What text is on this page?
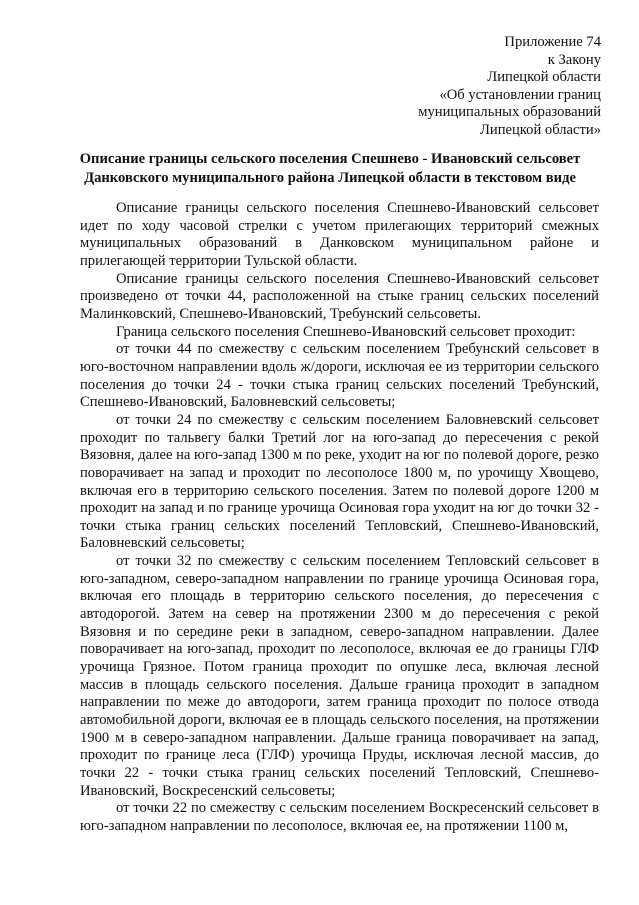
Приложение 74
к Закону
Липецкой области
«Об установлении границ
муниципальных образований
Липецкой области»
Описание границы сельского поселения Спешнево - Ивановский сельсовет
Данковского муниципального района Липецкой области в текстовом виде

Описание границы сельского поселения Спешнево-Ивановский сельсовет идет по ходу часовой стрелки с учетом прилегающих территорий смежных муниципальных образований в Данковском муниципальном районе и прилегающей территории Тульской области.

Описание границы сельского поселения Спешнево-Ивановский сельсовет произведено от точки 44, расположенной на стыке границ сельских поселений Малинковский, Спешнево-Ивановский, Требунский сельсоветы.

Граница сельского поселения Спешнево-Ивановский сельсовет проходит:

от точки 44 по смежеству с сельским поселением Требунский сельсовет в юго-восточном направлении вдоль ж/дороги, исключая ее из территории сельского поселения до точки 24 - точки стыка границ сельских поселений Требунский, Спешнево-Ивановский, Баловневский сельсоветы;

от точки 24 по смежеству с сельским поселением Баловневский сельсовет проходит по тальвегу балки Третий лог на юго-запад до пересечения с рекой Вязовня, далее на юго-запад 1300 м по реке, уходит на юг по полевой дороге, резко поворачивает на запад и проходит по лесополосе 1800 м, по урочищу Хвощево, включая его в территорию сельского поселения. Затем по полевой дороге 1200 м проходит на запад и по границе урочища Осиновая гора уходит на юг до точки 32 - точки стыка границ сельских поселений Тепловский, Спешнево-Ивановский, Баловневский сельсоветы;

от точки 32 по смежеству с сельским поселением Тепловский сельсовет в юго-западном, северо-западном направлении по границе урочища Осиновая гора, включая его площадь в территорию сельского поселения, до пересечения с автодорогой. Затем на север на протяжении 2300 м до пересечения с рекой Вязовня и по середине реки в западном, северо-западном направлении. Далее поворачивает на юго-запад, проходит по лесополосе, включая ее до границы ГЛФ урочища Грязное. Потом граница проходит по опушке леса, включая лесной массив в площадь сельского поселения. Дальше граница проходит в западном направлении по меже до автодороги, затем граница проходит по полосе отвода автомобильной дороги, включая ее в площадь сельского поселения, на протяжении 1900 м в северо-западном направлении. Дальше граница поворачивает на запад, проходит по границе леса (ГЛФ) урочища Пруды, исключая лесной массив, до точки 22 - точки стыка границ сельских поселений Тепловский, Спешнево-Ивановский, Воскресенский сельсоветы;

от точки 22 по смежеству с сельским поселением Воскресенский сельсовет в юго-западном направлении по лесополосе, включая ее, на протяжении 1100 м,
